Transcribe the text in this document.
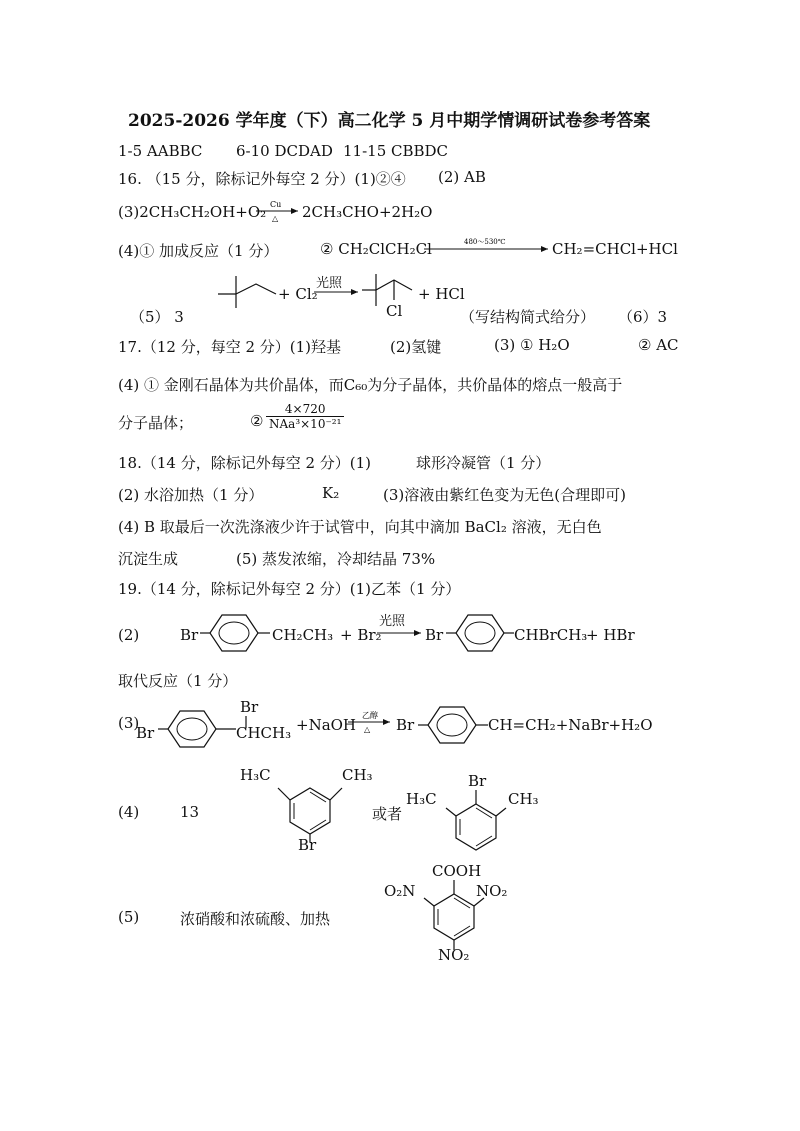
2025-2026 学年度（下）高二化学 5 月中期学情调研试卷参考答案
1-5 AABBC 6-10 DCDAD 11-15 CBBDC
16. （15 分，除标记外每空 2 分）(1)②④ (2) AB
(3)2CH₃CH₂OH+O₂ Cu
△ 2CH₃CHO+2H₂O
(4)① 加成反应（1 分）	② CH₂ClCH₂Cl	480～530℃	CH₂=CHCl+HCl
（5） 3
+ Cl₂
光照
Cl
+ HCl
（写结构简式给分） （6）3
17.（12 分，每空 2 分）(1)羟基	(2)氢键	(3) ① H₂O	② AC
(4) ① 金刚石晶体为共价晶体，而C₆₀为分子晶体，共价晶体的熔点一般高于
分子晶体；	② $\frac{4\times 720}{\text{NAa³×10⁻²¹}}$
18.（14 分，除标记外每空 2 分）(1)	球形冷凝管（1 分）
(2) 水浴加热（1 分）	K₂	(3)溶液由紫红色变为无色(合理即可)
(4) B 取最后一次洗涤液少许于试管中，向其中滴加 BaCl₂ 溶液，无白色
沉淀生成	(5) 蒸发浓缩，冷却结晶 73%
19.（14 分，除标记外每空 2 分）(1)乙苯（1 分）
(2)	Br	CH₂CH₃ + Br₂
光照
Br	CHBrCH₃
+ HBr
取代反应（1 分）
(3)
Br
Br
CHCH₃ +NaOH
乙醇
△ Br	CH=CH₂+NaBr+H₂O
(4)	13
H₃C	CH₃
Br
或者
Br
H₃C	CH₃
(5)	浓硝酸和浓硫酸、加热
COOH
O₂N	NO₂
NO₂
